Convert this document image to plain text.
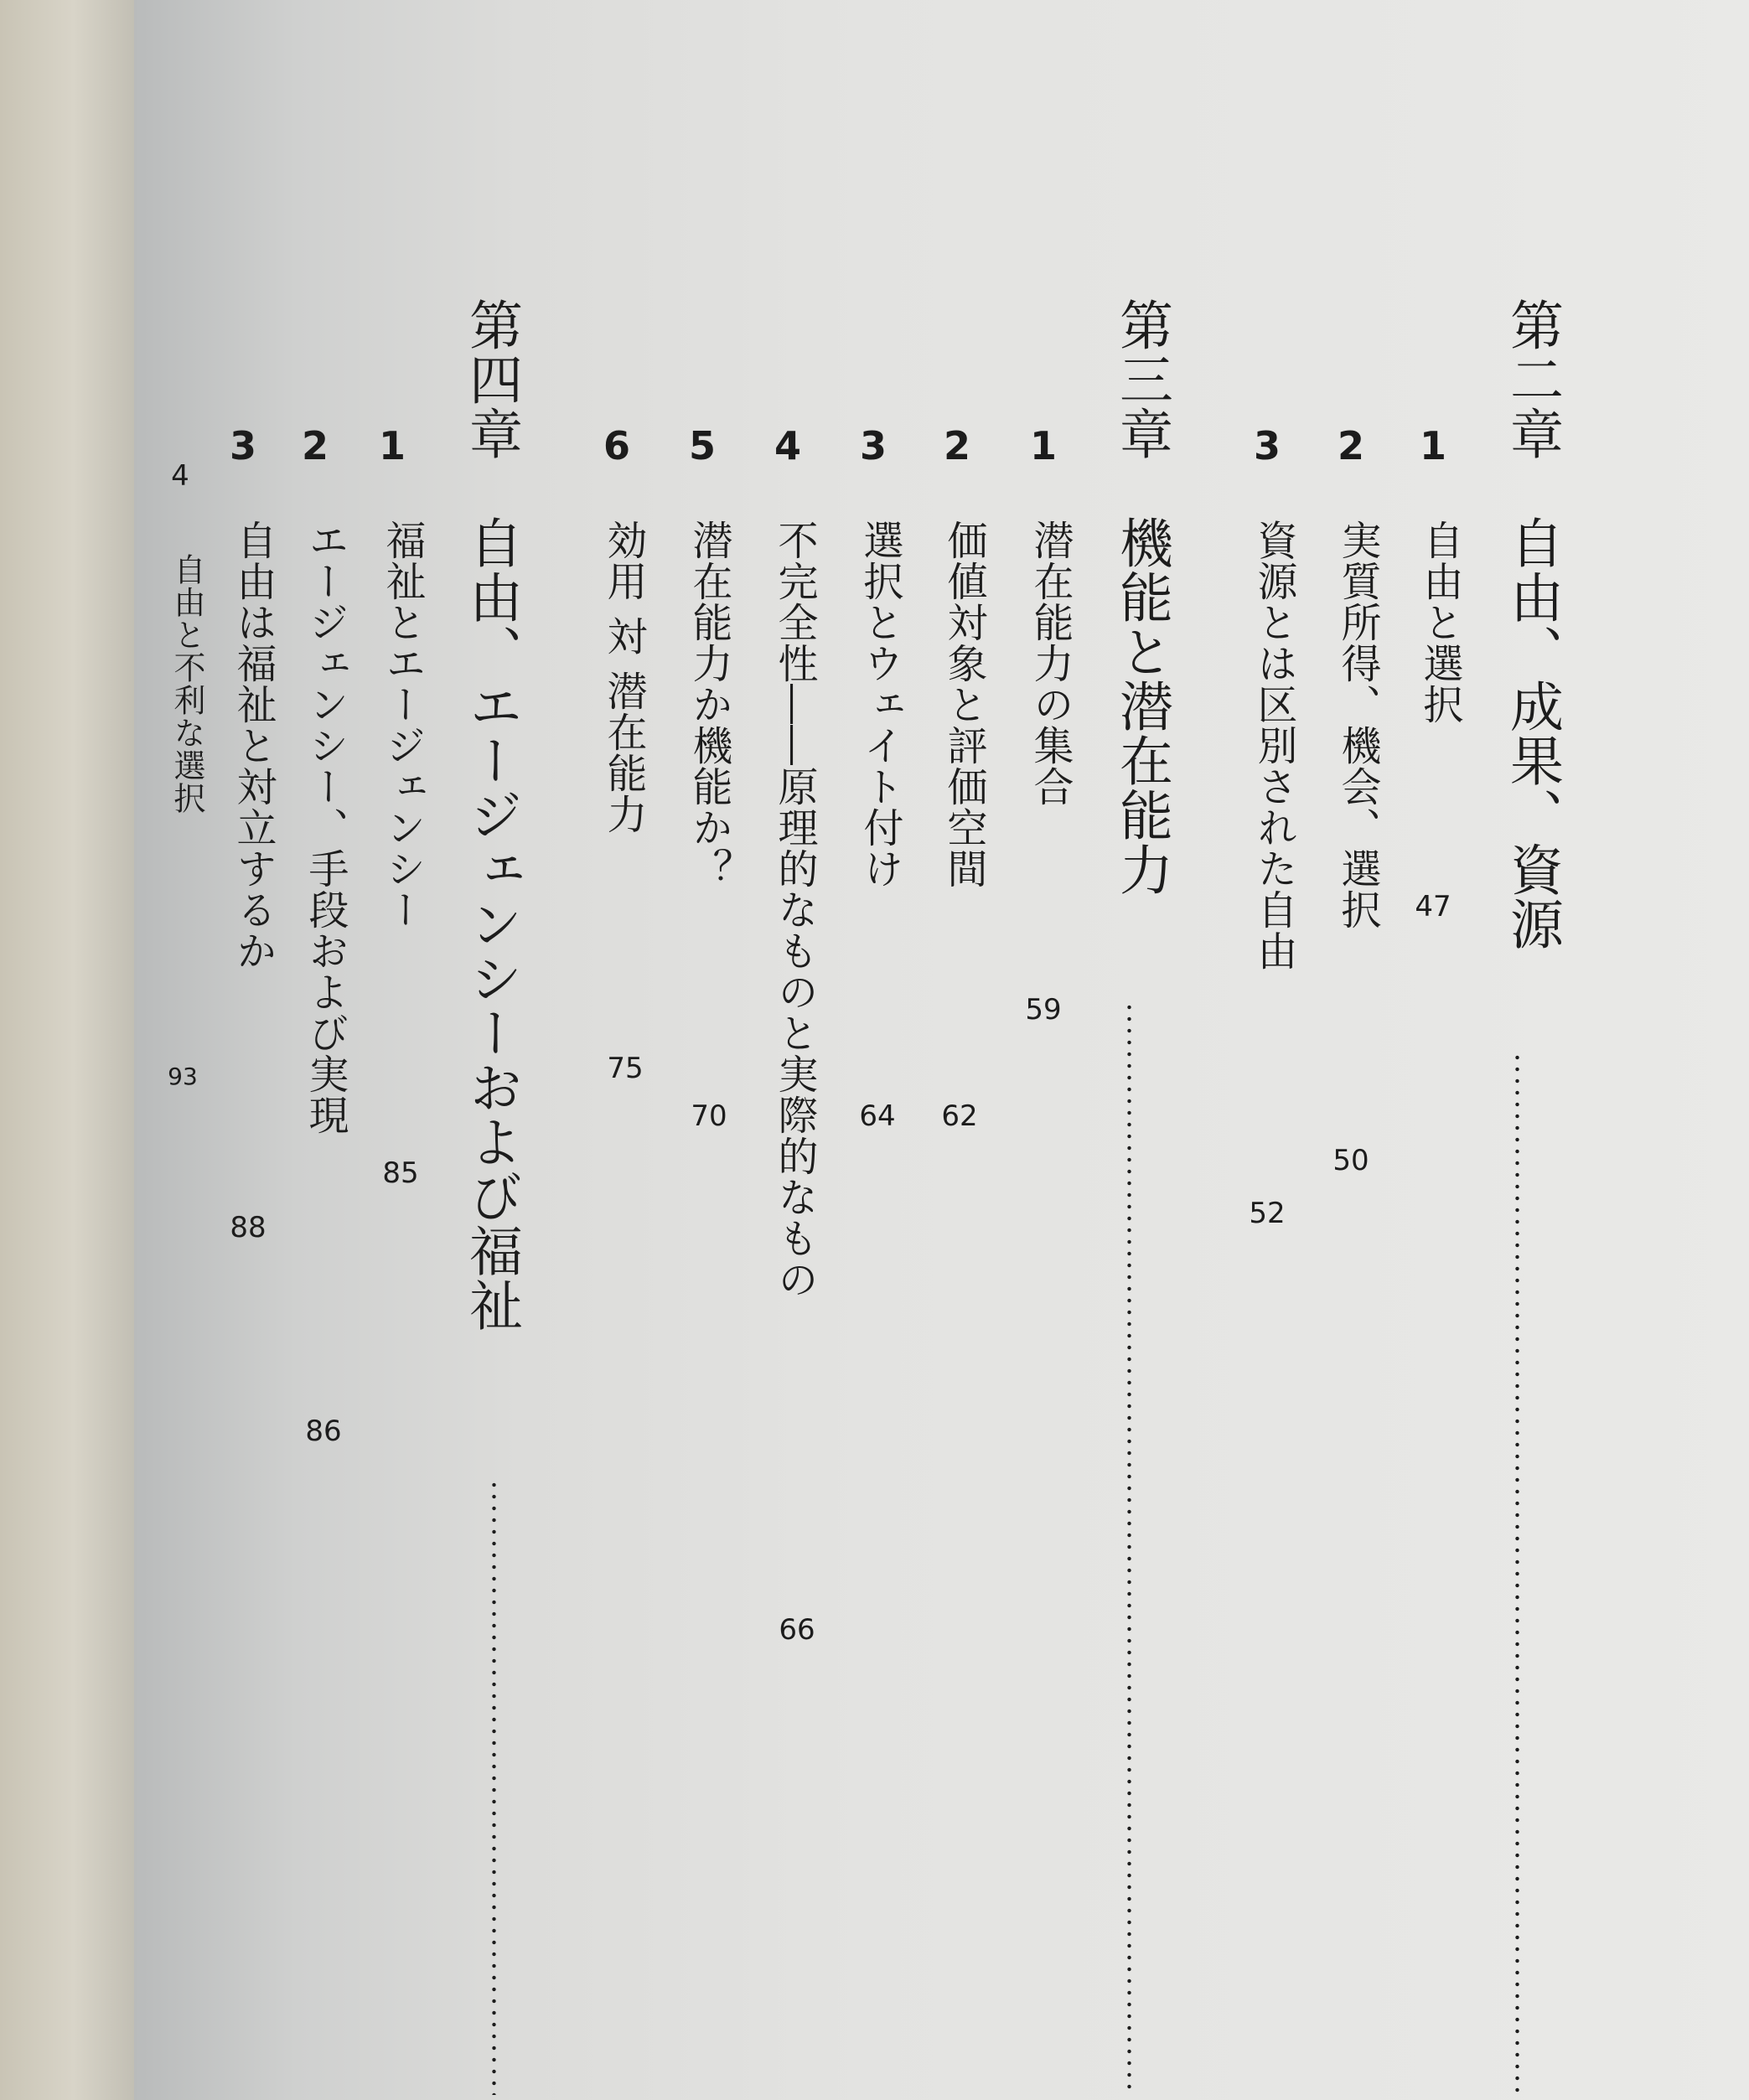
第二章　自由、成果、資源
1
自由と選択
47
2
実質所得、機会、選択
50
3
資源とは区別された自由
52
第三章　機能と潜在能力
1
潜在能力の集合
59
2
価値対象と評価空間
62
3
選択とウェイト付け
64
4
不完全性――原理的なものと実際的なもの
66
5
潜在能力か機能か？
70
6
効用 対 潜在能力
75
第四章　自由、エージェンシーおよび福祉
1
福祉とエージェンシー
85
2
エージェンシー、手段および実現
86
3
自由は福祉と対立するか
88
4
自由と不利な選択
93
